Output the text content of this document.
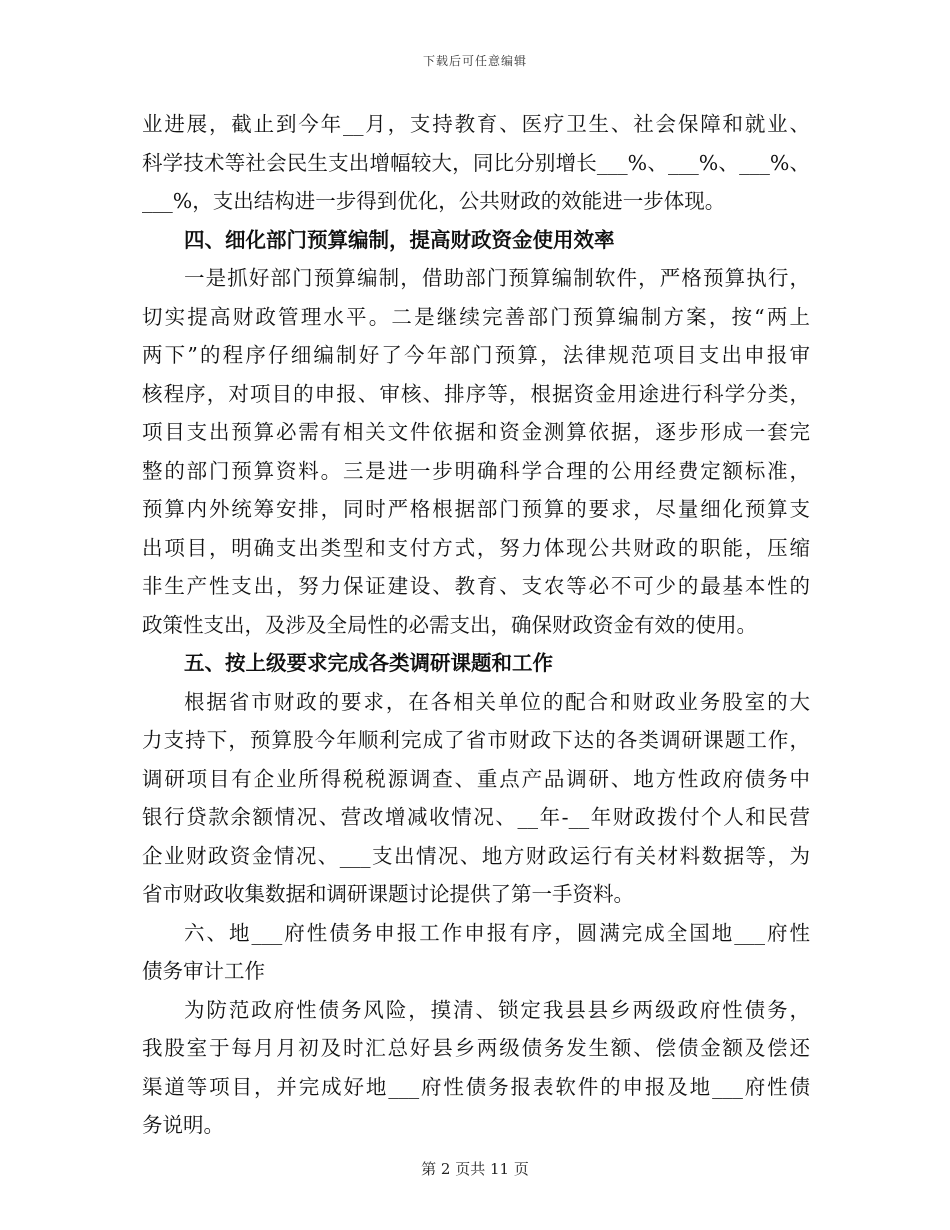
下载后可任意编辑
业进展，截止到今年__月，支持教育、医疗卫生、社会保障和就业、
科学技术等社会民生支出增幅较大，同比分别增长___%、___%、___%、
___%，支出结构进一步得到优化，公共财政的效能进一步体现。
四、细化部门预算编制，提高财政资金使用效率
一是抓好部门预算编制，借助部门预算编制软件，严格预算执行，
切实提高财政管理水平。二是继续完善部门预算编制方案，按“两上
两下”的程序仔细编制好了今年部门预算，法律规范项目支出申报审
核程序，对项目的申报、审核、排序等，根据资金用途进行科学分类，
项目支出预算必需有相关文件依据和资金测算依据，逐步形成一套完
整的部门预算资料。三是进一步明确科学合理的公用经费定额标准，
预算内外统筹安排，同时严格根据部门预算的要求，尽量细化预算支
出项目，明确支出类型和支付方式，努力体现公共财政的职能，压缩
非生产性支出，努力保证建设、教育、支农等必不可少的最基本性的
政策性支出，及涉及全局性的必需支出，确保财政资金有效的使用。
五、按上级要求完成各类调研课题和工作
根据省市财政的要求，在各相关单位的配合和财政业务股室的大
力支持下，预算股今年顺利完成了省市财政下达的各类调研课题工作，
调研项目有企业所得税税源调查、重点产品调研、地方性政府债务中
银行贷款余额情况、营改增减收情况、__年-__年财政拨付个人和民营
企业财政资金情况、___支出情况、地方财政运行有关材料数据等，为
省市财政收集数据和调研课题讨论提供了第一手资料。
六、地___府性债务申报工作申报有序，圆满完成全国地___府性
债务审计工作
为防范政府性债务风险，摸清、锁定我县县乡两级政府性债务，
我股室于每月月初及时汇总好县乡两级债务发生额、偿债金额及偿还
渠道等项目，并完成好地___府性债务报表软件的申报及地___府性债
务说明。
第 2 页共 11 页
